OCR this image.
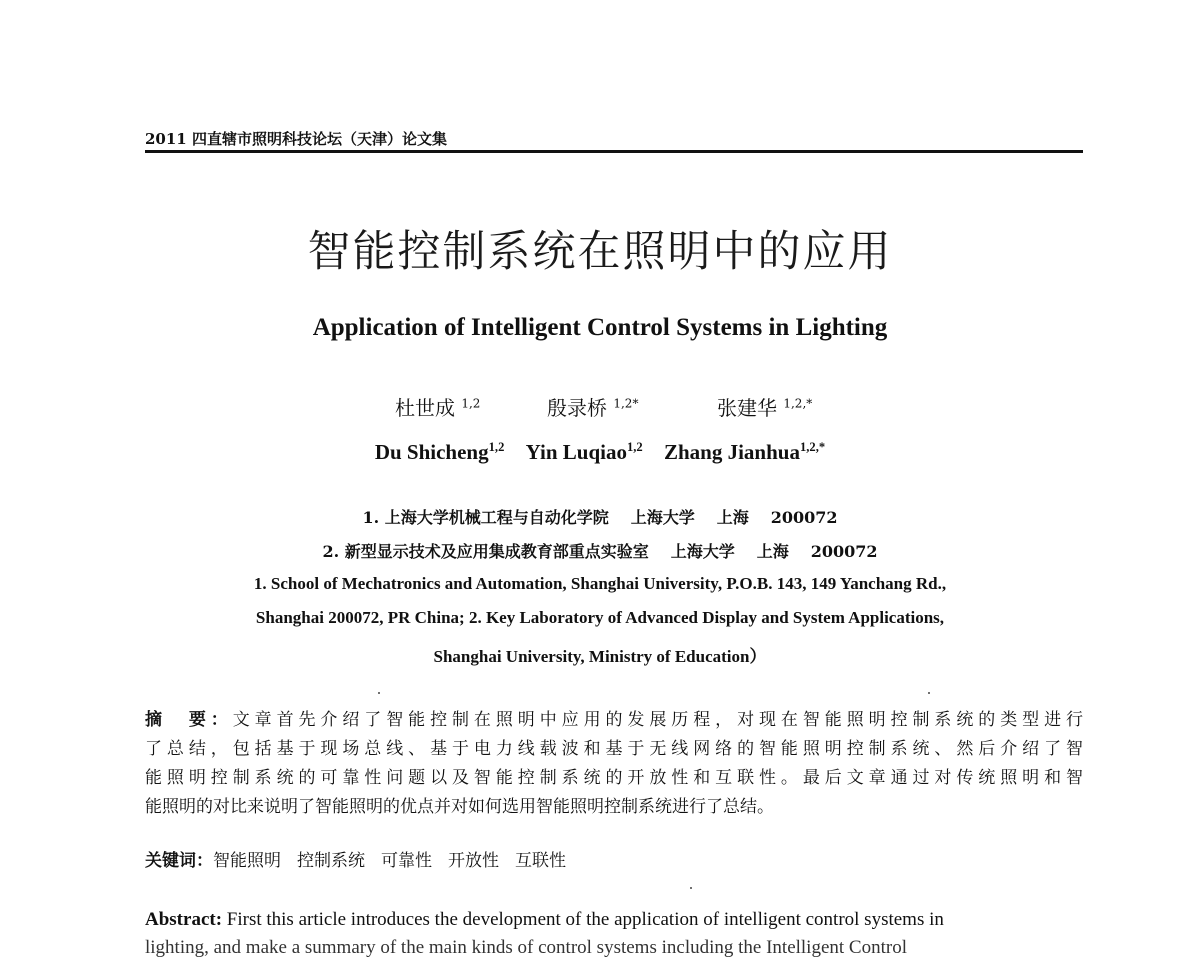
2011 四直辖市照明科技论坛（天津）论文集
智能控制系统在照明中的应用
Application of Intelligent Control Systems in Lighting
杜世成 $^{1,2}$	殷录桥 $^{1,2*}$	张建华 $^{1,2,*}$
Du Shicheng$^{1,2}$ Yin Luqiao$^{1,2}$ Zhang Jianhua$^{1,2,*}$
1. 上海大学机械工程与自动化学院 上海大学 上海 200072
2. 新型显示技术及应用集成教育部重点实验室 上海大学 上海 200072
1. School of Mechatronics and Automation, Shanghai University, P.O.B. 143, 149 Yanchang Rd.,
Shanghai 200072, PR China; 2. Key Laboratory of Advanced Display and System Applications,
Shanghai University, Ministry of Education）
摘　要：文章首先介绍了智能控制在照明中应用的发展历程，对现在智能照明控制系统的类型进行
了总结，包括基于现场总线、基于电力线载波和基于无线网络的智能照明控制系统、然后介绍了智
能照明控制系统的可靠性问题以及智能控制系统的开放性和互联性。最后文章通过对传统照明和智
能照明的对比来说明了智能照明的优点并对如何选用智能照明控制系统进行了总结。
关键词：智能照明 控制系统 可靠性 开放性 互联性
Abstract: First this article introduces the development of the application of intelligent control systems in
lighting, and make a summary of the main kinds of control systems including the Intelligent Control
